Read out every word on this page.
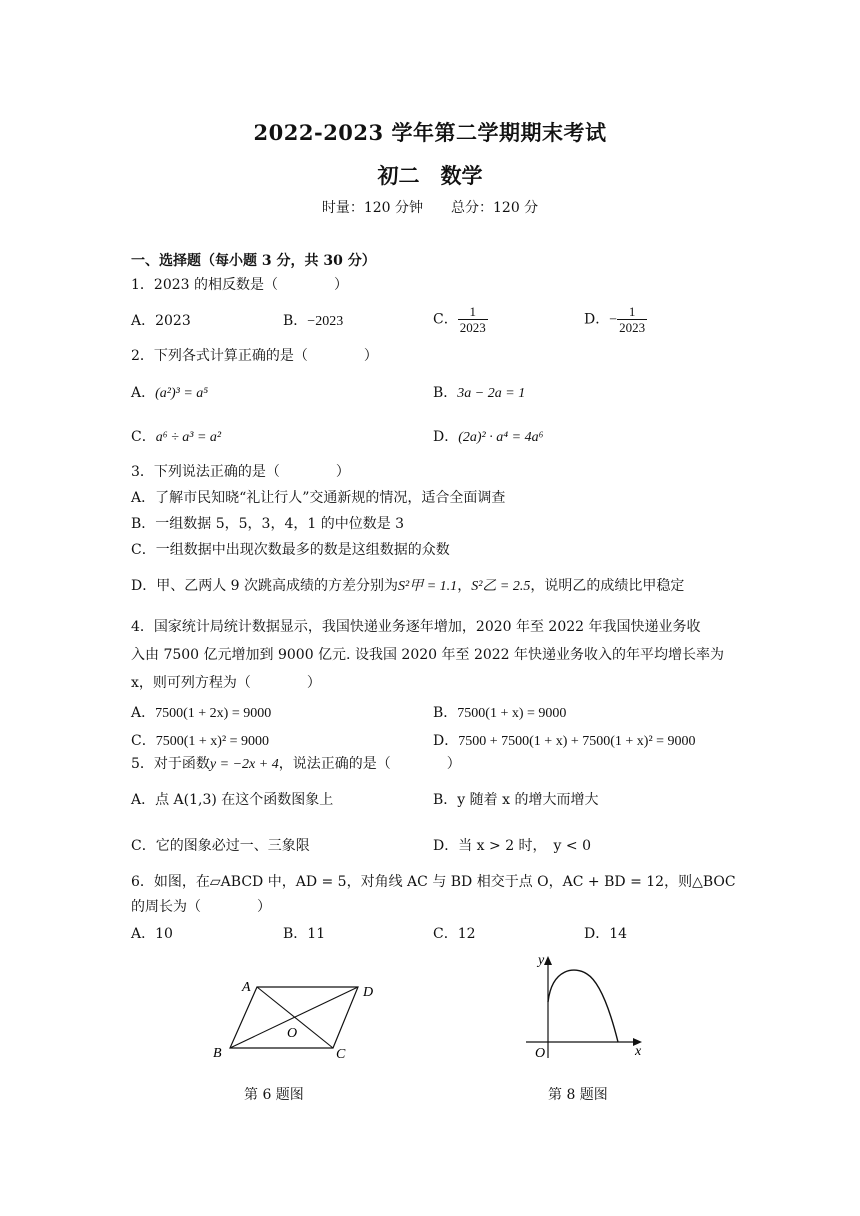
2022-2023 学年第二学期期末考试
初二　数学
时量：120 分钟　　总分：120 分
一、选择题（每小题 3 分，共 30 分）
1．2023 的相反数是（　　　　）
A．2023	B．−2023	C． $\frac{1}{2023}$	D．− $\frac{1}{2023}$
2．下列各式计算正确的是（　　　　）
A．(a²)³ = a⁵	B．3a − 2a = 1
C．a⁶ ÷ a³ = a²	D．(2a)² · a⁴ = 4a⁶
3．下列说法正确的是（　　　　）
A．了解市民知晓“礼让行人”交通新规的情况，适合全面调查
B．一组数据 5，5，3，4，1 的中位数是 3
C．一组数据中出现次数最多的数是这组数据的众数
D．甲、乙两人 9 次跳高成绩的方差分别为S²甲 = 1.1，S²乙 = 2.5，说明乙的成绩比甲稳定
4．国家统计局统计数据显示，我国快递业务逐年增加，2020 年至 2022 年我国快递业务收
入由 7500 亿元增加到 9000 亿元. 设我国 2020 年至 2022 年快递业务收入的年平均增长率为
x，则可列方程为（　　　　）
A．7500(1 + 2x) = 9000	B．7500(1 + x) = 9000
C．7500(1 + x)² = 9000	D．7500 + 7500(1 + x) + 7500(1 + x)² = 9000
5．对于函数y = −2x + 4，说法正确的是（　　　　）
A．点 A(1,3) 在这个函数图象上	B．y 随着 x 的增大而增大
C．它的图象必过一、三象限	D．当 x > 2 时，　y < 0
6．如图，在▱ABCD 中，AD = 5，对角线 AC 与 BD 相交于点 O，AC + BD = 12，则△BOC
的周长为（　　　　）
A．10	B．11	C．12	D．14
A	D
B	C
O
第 6 题图
y
x
O
第 8 题图
